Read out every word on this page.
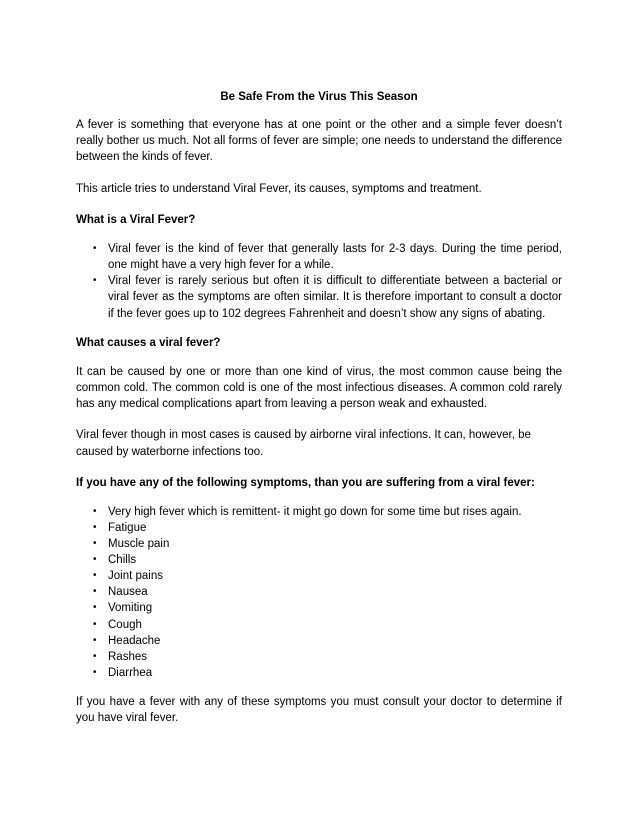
Be Safe From the Virus This Season

A fever is something that everyone has at one point or the other and a simple fever doesn’t really bother us much. Not all forms of fever are simple; one needs to understand the difference between the kinds of fever.

This article tries to understand Viral Fever, its causes, symptoms and treatment.

What is a Viral Fever?
• Viral fever is the kind of fever that generally lasts for 2-3 days. During the time period, one might have a very high fever for a while.
• Viral fever is rarely serious but often it is difficult to differentiate between a bacterial or viral fever as the symptoms are often similar. It is therefore important to consult a doctor if the fever goes up to 102 degrees Fahrenheit and doesn’t show any signs of abating.
What causes a viral fever?

It can be caused by one or more than one kind of virus, the most common cause being the common cold. The common cold is one of the most infectious diseases. A common cold rarely has any medical complications apart from leaving a person weak and exhausted.

Viral fever though in most cases is caused by airborne viral infections. It can, however, be caused by waterborne infections too.

If you have any of the following symptoms, than you are suffering from a viral fever:
• Very high fever which is remittent- it might go down for some time but rises again.
• Fatigue
• Muscle pain
• Chills
• Joint pains
• Nausea
• Vomiting
• Cough
• Headache
• Rashes
• Diarrhea

If you have a fever with any of these symptoms you must consult your doctor to determine if you have viral fever.
